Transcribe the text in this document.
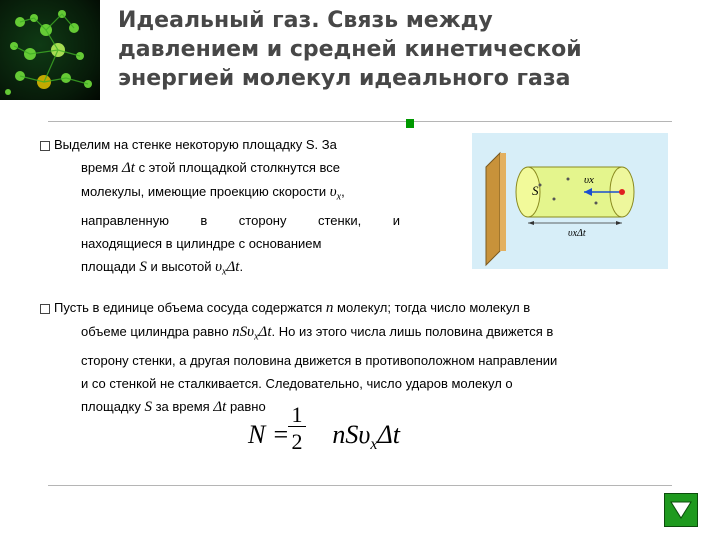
Идеальный газ. Связь между
давлением и средней кинетической
энергией молекул идеального газа
Выделим на стенке некоторую площадку S. За
время Δt с этой площадкой столкнутся все
молекулы, имеющие проекцию скорости $\upsilon_x$,
направленную в сторону стенки, и
находящиеся в цилиндре с основанием
площади S и высотой $\upsilon_x\Delta t$.
S
υx
υxΔt
Пусть в единице объема сосуда содержатся n молекул; тогда число молекул в
объеме цилиндра равно nSυ$_x$Δt. Но из этого числа лишь половина движется в
сторону стенки, а другая половина движется в противоположном направлении
и со стенкой не сталкивается. Следовательно, число ударов молекул о
площадку S за время Δt равно
N = nSυ$_x$Δt
$\frac{1}{2}$
